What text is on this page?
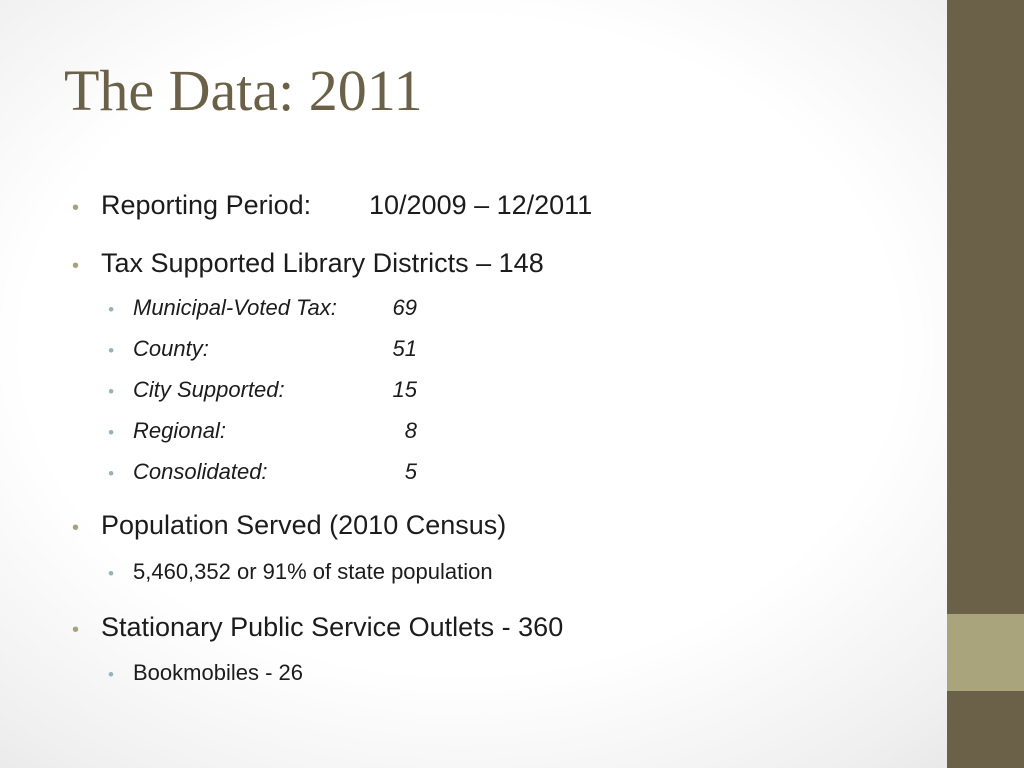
The Data: 2011
• Reporting Period:	10/2009 – 12/2011
• Tax Supported Library Districts – 148
• Municipal-Voted Tax:	69
• County:	51
• City Supported:	15
• Regional:	8
• Consolidated:	5
• Population Served (2010 Census)
• 5,460,352 or 91% of state population
• Stationary Public Service Outlets - 360
• Bookmobiles - 26
